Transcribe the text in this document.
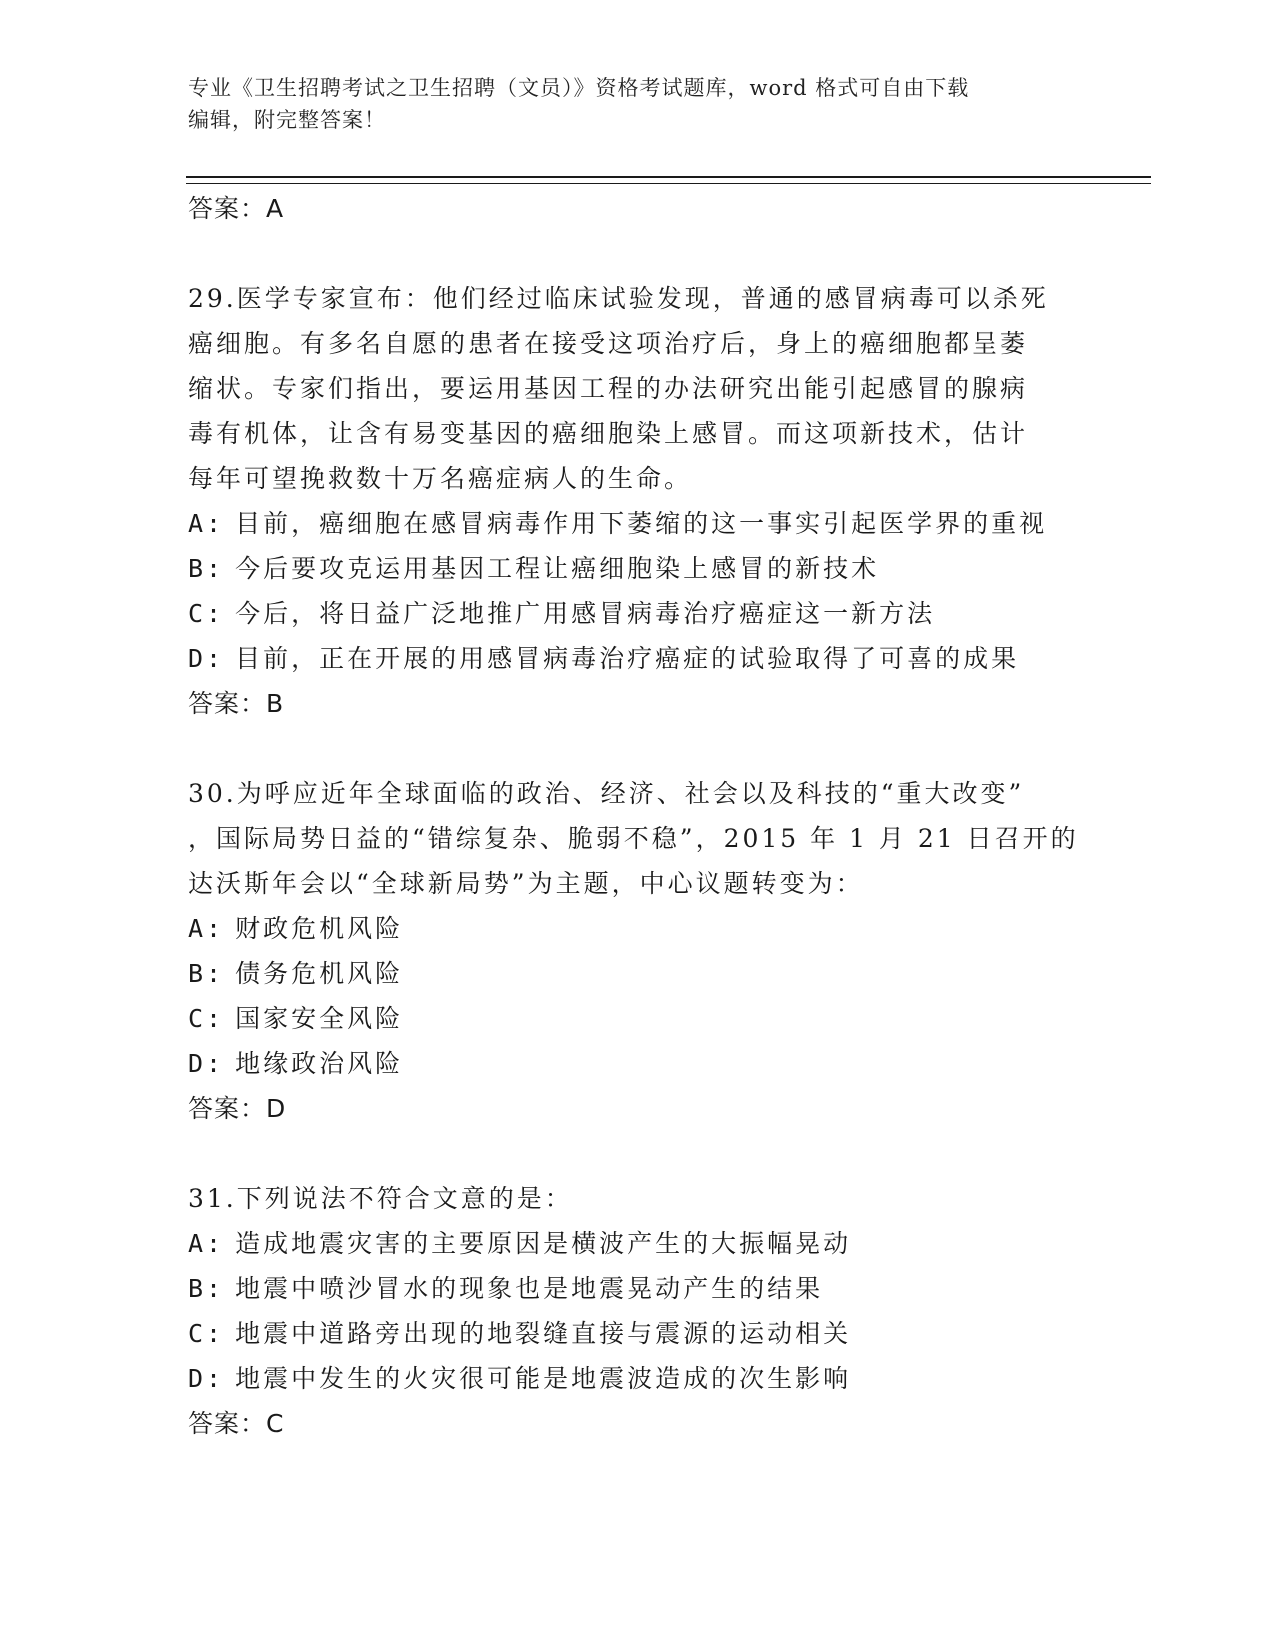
专业《卫生招聘考试之卫生招聘（文员）》资格考试题库，word 格式可自由下载
编辑，附完整答案！

答案：A

29.医学专家宣布：他们经过临床试验发现，普通的感冒病毒可以杀死

癌细胞。有多名自愿的患者在接受这项治疗后，身上的癌细胞都呈萎

缩状。专家们指出，要运用基因工程的办法研究出能引起感冒的腺病

毒有机体，让含有易变基因的癌细胞染上感冒。而这项新技术，估计

每年可望挽救数十万名癌症病人的生命。

A: 目前，癌细胞在感冒病毒作用下萎缩的这一事实引起医学界的重视

B: 今后要攻克运用基因工程让癌细胞染上感冒的新技术

C: 今后，将日益广泛地推广用感冒病毒治疗癌症这一新方法

D: 目前，正在开展的用感冒病毒治疗癌症的试验取得了可喜的成果

答案：B

30.为呼应近年全球面临的政治、经济、社会以及科技的“重大改变”

，国际局势日益的“错综复杂、脆弱不稳”，2015 年 1 月 21 日召开的

达沃斯年会以“全球新局势”为主题，中心议题转变为：

A: 财政危机风险

B: 债务危机风险

C: 国家安全风险

D: 地缘政治风险

答案：D

31.下列说法不符合文意的是：

A: 造成地震灾害的主要原因是横波产生的大振幅晃动

B: 地震中喷沙冒水的现象也是地震晃动产生的结果

C: 地震中道路旁出现的地裂缝直接与震源的运动相关

D: 地震中发生的火灾很可能是地震波造成的次生影响

答案：C
